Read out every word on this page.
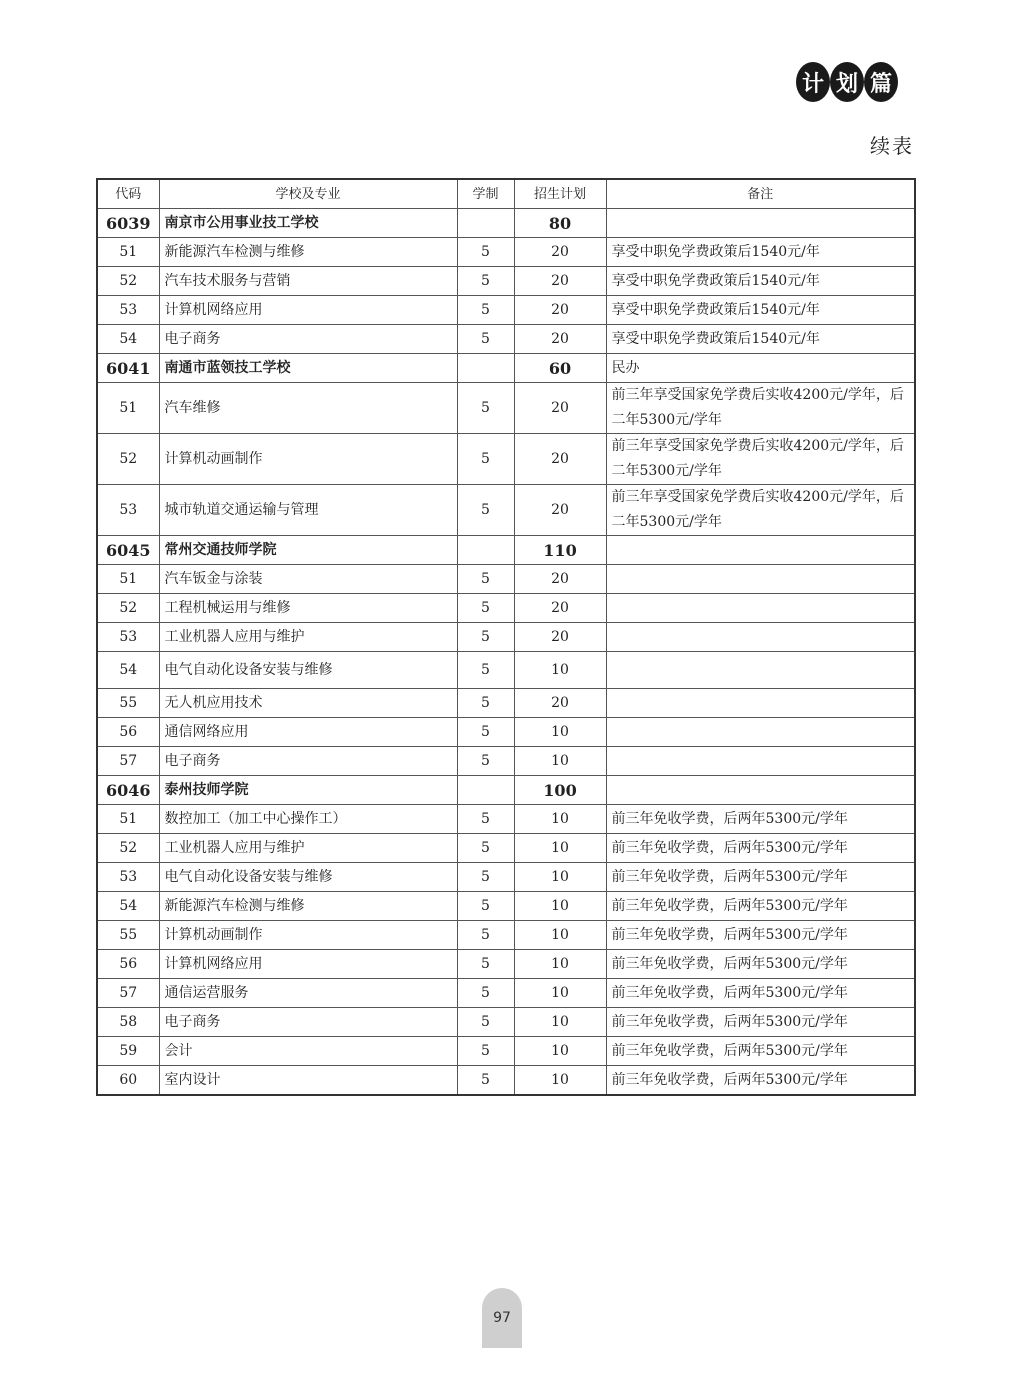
计 划 篇
续表
代码	学校及专业	学制	招生计划	备注
6039	南京市公用事业技工学校		80	
51	新能源汽车检测与维修	5	20	享受中职免学费政策后1540元/年
52	汽车技术服务与营销	5	20	享受中职免学费政策后1540元/年
53	计算机网络应用	5	20	享受中职免学费政策后1540元/年
54	电子商务	5	20	享受中职免学费政策后1540元/年
6041	南通市蓝领技工学校		60	民办
51	汽车维修	5	20	前三年享受国家免学费后实收4200元/学年，后二年5300元/学年
52	计算机动画制作	5	20	前三年享受国家免学费后实收4200元/学年，后二年5300元/学年
53	城市轨道交通运输与管理	5	20	前三年享受国家免学费后实收4200元/学年，后二年5300元/学年
6045	常州交通技师学院		110	
51	汽车钣金与涂装	5	20	
52	工程机械运用与维修	5	20	
53	工业机器人应用与维护	5	20	
54	电气自动化设备安装与维修	5	10	
55	无人机应用技术	5	20	
56	通信网络应用	5	10	
57	电子商务	5	10	
6046	泰州技师学院		100	
51	数控加工（加工中心操作工）	5	10	前三年免收学费，后两年5300元/学年
52	工业机器人应用与维护	5	10	前三年免收学费，后两年5300元/学年
53	电气自动化设备安装与维修	5	10	前三年免收学费，后两年5300元/学年
54	新能源汽车检测与维修	5	10	前三年免收学费，后两年5300元/学年
55	计算机动画制作	5	10	前三年免收学费，后两年5300元/学年
56	计算机网络应用	5	10	前三年免收学费，后两年5300元/学年
57	通信运营服务	5	10	前三年免收学费，后两年5300元/学年
58	电子商务	5	10	前三年免收学费，后两年5300元/学年
59	会计	5	10	前三年免收学费，后两年5300元/学年
60	室内设计	5	10	前三年免收学费，后两年5300元/学年
97
